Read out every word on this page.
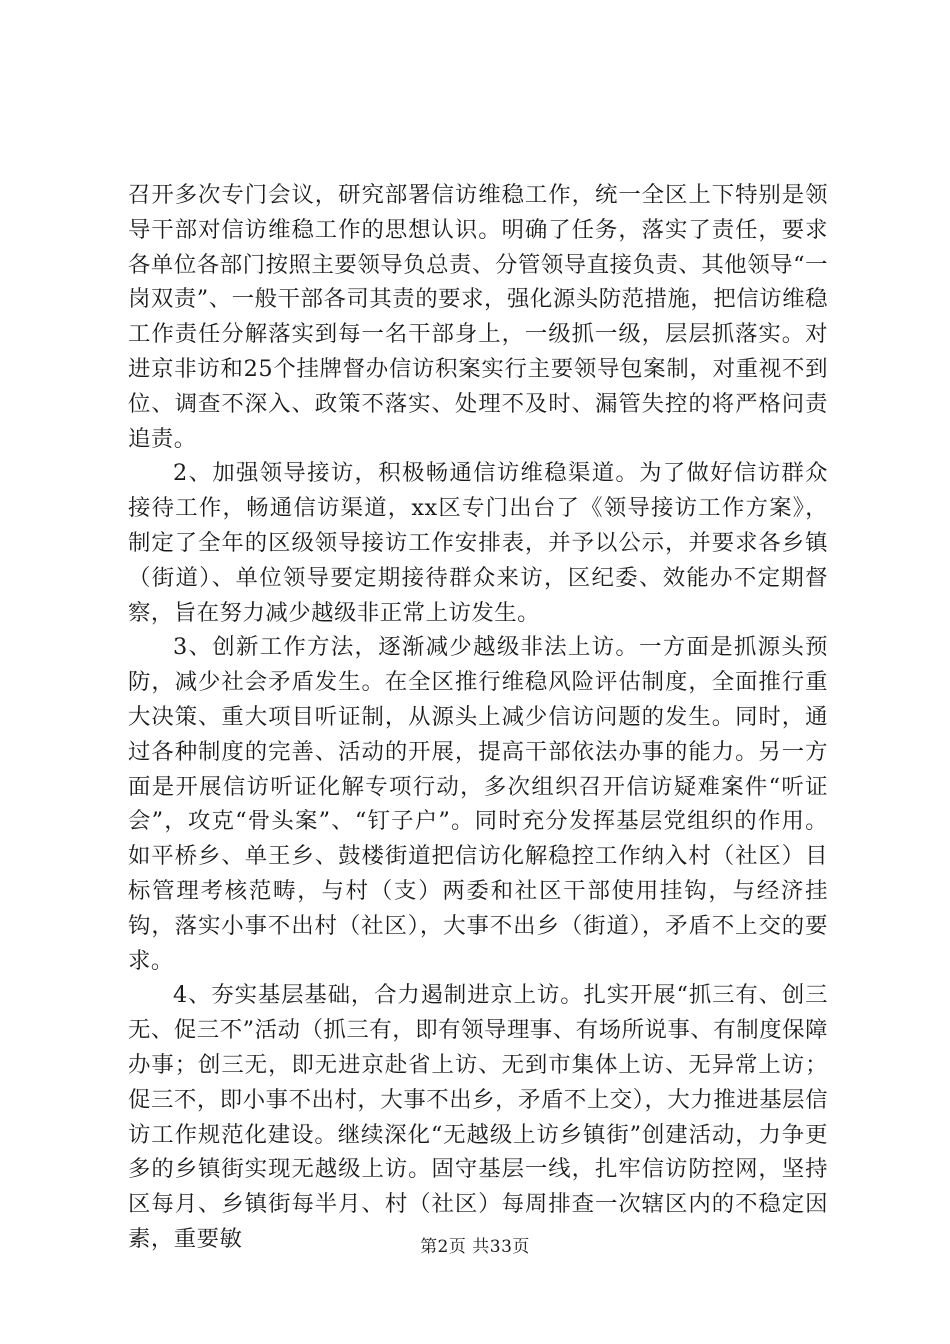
召开多次专门会议，研究部署信访维稳工作，统一全区上下特别是领导干部对信访维稳工作的思想认识。明确了任务，落实了责任，要求各单位各部门按照主要领导负总责、分管领导直接负责、其他领导“一岗双责”、一般干部各司其责的要求，强化源头防范措施，把信访维稳工作责任分解落实到每一名干部身上，一级抓一级，层层抓落实。对进京非访和25个挂牌督办信访积案实行主要领导包案制，对重视不到位、调查不深入、政策不落实、处理不及时、漏管失控的将严格问责追责。

2、加强领导接访，积极畅通信访维稳渠道。为了做好信访群众接待工作，畅通信访渠道，xx区专门出台了《领导接访工作方案》，制定了全年的区级领导接访工作安排表，并予以公示，并要求各乡镇（街道）、单位领导要定期接待群众来访，区纪委、效能办不定期督察，旨在努力减少越级非正常上访发生。

3、创新工作方法，逐渐减少越级非法上访。一方面是抓源头预防，减少社会矛盾发生。在全区推行维稳风险评估制度，全面推行重大决策、重大项目听证制，从源头上减少信访问题的发生。同时，通过各种制度的完善、活动的开展，提高干部依法办事的能力。另一方面是开展信访听证化解专项行动，多次组织召开信访疑难案件“听证会”，攻克“骨头案”、“钉子户”。同时充分发挥基层党组织的作用。如平桥乡、单王乡、鼓楼街道把信访化解稳控工作纳入村（社区）目标管理考核范畴，与村（支）两委和社区干部使用挂钩，与经济挂钩，落实小事不出村（社区），大事不出乡（街道），矛盾不上交的要求。

4、夯实基层基础，合力遏制进京上访。扎实开展“抓三有、创三无、促三不”活动（抓三有，即有领导理事、有场所说事、有制度保障办事；创三无，即无进京赴省上访、无到市集体上访、无异常上访；促三不，即小事不出村，大事不出乡，矛盾不上交），大力推进基层信访工作规范化建设。继续深化“无越级上访乡镇街”创建活动，力争更多的乡镇街实现无越级上访。固守基层一线，扎牢信访防控网，坚持区每月、乡镇街每半月、村（社区）每周排查一次辖区内的不稳定因素，重要敏	第2页 共33页
